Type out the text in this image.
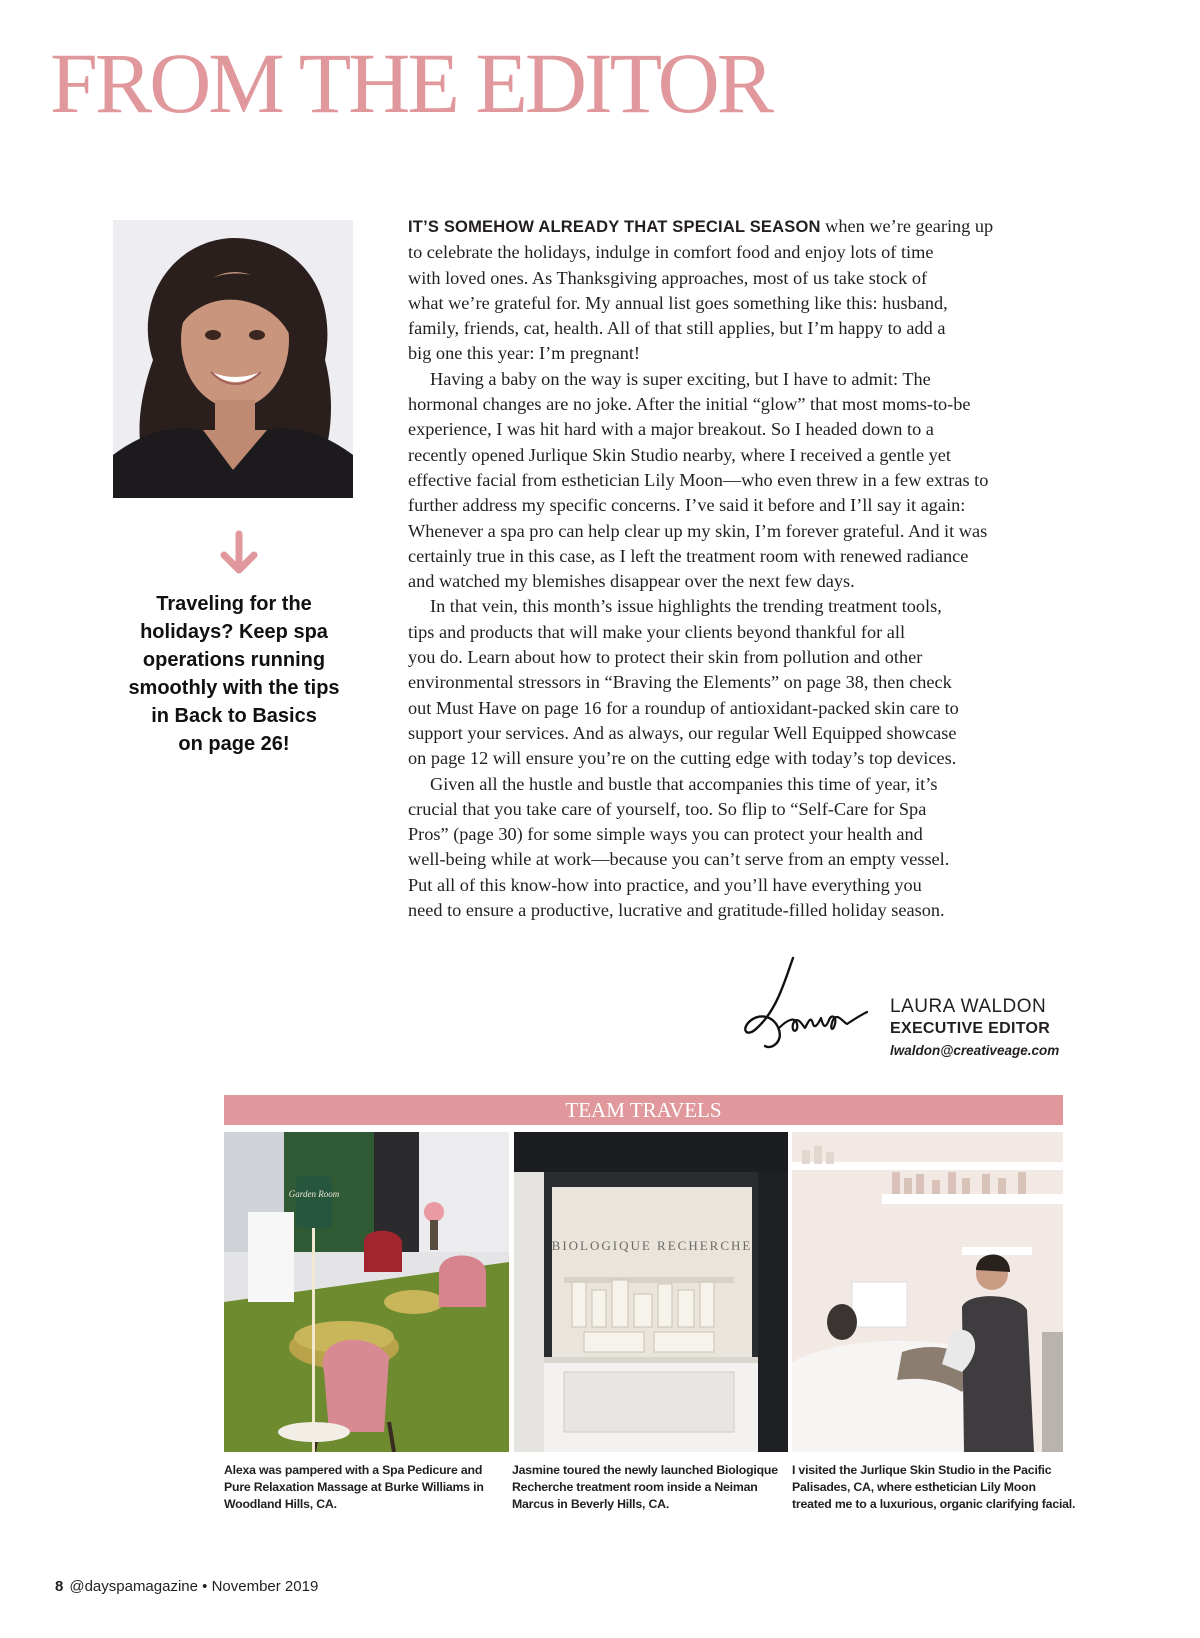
FROM THE EDITOR
Traveling for the
holidays? Keep spa
operations running
smoothly with the tips
in Back to Basics
on page 26!
IT’S SOMEHOW ALREADY THAT SPECIAL SEASON when we’re gearing up
to celebrate the holidays, indulge in comfort food and enjoy lots of time
with loved ones. As Thanksgiving approaches, most of us take stock of
what we’re grateful for. My annual list goes something like this: husband,
family, friends, cat, health. All of that still applies, but I’m happy to add a
big one this year: I’m pregnant!
Having a baby on the way is super exciting, but I have to admit: The
hormonal changes are no joke. After the initial “glow” that most moms-to-be
experience, I was hit hard with a major breakout. So I headed down to a
recently opened Jurlique Skin Studio nearby, where I received a gentle yet
effective facial from esthetician Lily Moon—who even threw in a few extras to
further address my specific concerns. I’ve said it before and I’ll say it again:
Whenever a spa pro can help clear up my skin, I’m forever grateful. And it was
certainly true in this case, as I left the treatment room with renewed radiance
and watched my blemishes disappear over the next few days.
In that vein, this month’s issue highlights the trending treatment tools,
tips and products that will make your clients beyond thankful for all
you do. Learn about how to protect their skin from pollution and other
environmental stressors in “Braving the Elements” on page 38, then check
out Must Have on page 16 for a roundup of antioxidant-packed skin care to
support your services. And as always, our regular Well Equipped showcase
on page 12 will ensure you’re on the cutting edge with today’s top devices.
Given all the hustle and bustle that accompanies this time of year, it’s
crucial that you take care of yourself, too. So flip to “Self-Care for Spa
Pros” (page 30) for some simple ways you can protect your health and
well-being while at work—because you can’t serve from an empty vessel.
Put all of this know-how into practice, and you’ll have everything you
need to ensure a productive, lucrative and gratitude-filled holiday season.
LAURA WALDON
EXECUTIVE EDITOR
lwaldon@creativeage.com
TEAM TRAVELS
Garden Room
BIOLOGIQUE RECHERCHE
Alexa was pampered with a Spa Pedicure and
Pure Relaxation Massage at Burke Williams in
Woodland Hills, CA.
Jasmine toured the newly launched Biologique
Recherche treatment room inside a Neiman
Marcus in Beverly Hills, CA.
I visited the Jurlique Skin Studio in the Pacific
Palisades, CA, where esthetician Lily Moon
treated me to a luxurious, organic clarifying facial.
8 @dayspamagazine • November 2019
